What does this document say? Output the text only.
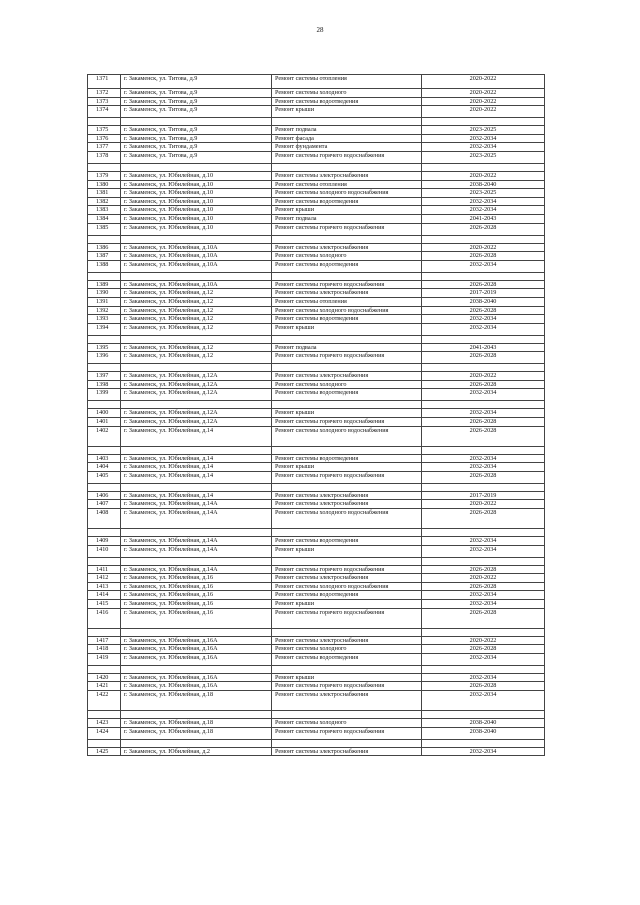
28
1371	г. Закаменск, ул. Титова, д.9	Ремонт системы отопления	2020-2022
1372	г. Закаменск, ул. Титова, д.9	Ремонт системы холодного	2020-2022
1373	г. Закаменск, ул. Титова, д.9	Ремонт системы водоотведения	2020-2022
1374	г. Закаменск, ул. Титова, д.9	Ремонт крыши	2020-2022

1375	г. Закаменск, ул. Титова, д.9	Ремонт подвала	2023-2025
1376	г. Закаменск, ул. Титова, д.9	Ремонт фасада	2032-2034
1377	г. Закаменск, ул. Титова, д.9	Ремонт фундамента	2032-2034
1378	г. Закаменск, ул. Титова, д.9	Ремонт системы горячего водоснабжения	2023-2025

1379	г. Закаменск, ул. Юбилейная, д.10	Ремонт системы электроснабжения	2020-2022
1380	г. Закаменск, ул. Юбилейная, д.10	Ремонт системы отопления	2038-2040
1381	г. Закаменск, ул. Юбилейная, д.10	Ремонт системы холодного водоснабжения	2023-2025
1382	г. Закаменск, ул. Юбилейная, д.10	Ремонт системы водоотведения	2032-2034
1383	г. Закаменск, ул. Юбилейная, д.10	Ремонт крыши	2032-2034
1384	г. Закаменск, ул. Юбилейная, д.10	Ремонт подвала	2041-2043
1385	г. Закаменск, ул. Юбилейная, д.10	Ремонт системы горячего водоснабжения	2026-2028

1386	г. Закаменск, ул. Юбилейная, д.10А	Ремонт системы электроснабжения	2020-2022
1387	г. Закаменск, ул. Юбилейная, д.10А	Ремонт системы холодного	2026-2028
1388	г. Закаменск, ул. Юбилейная, д.10А	Ремонт системы водоотведения	2032-2034

1389	г. Закаменск, ул. Юбилейная, д.10А	Ремонт системы горячего водоснабжения	2026-2028
1390	г. Закаменск, ул. Юбилейная, д.12	Ремонт системы электроснабжения	2017-2019
1391	г. Закаменск, ул. Юбилейная, д.12	Ремонт системы отопления	2038-2040
1392	г. Закаменск, ул. Юбилейная, д.12	Ремонт системы холодного водоснабжения	2026-2028
1393	г. Закаменск, ул. Юбилейная, д.12	Ремонт системы водоотведения	2032-2034
1394	г. Закаменск, ул. Юбилейная, д.12	Ремонт крыши	2032-2034

1395	г. Закаменск, ул. Юбилейная, д.12	Ремонт подвала	2041-2043
1396	г. Закаменск, ул. Юбилейная, д.12	Ремонт системы горячего водоснабжения	2026-2028

1397	г. Закаменск, ул. Юбилейная, д.12А	Ремонт системы электроснабжения	2020-2022
1398	г. Закаменск, ул. Юбилейная, д.12А	Ремонт системы холодного	2026-2028
1399	г. Закаменск, ул. Юбилейная, д.12А	Ремонт системы водоотведения	2032-2034

1400	г. Закаменск, ул. Юбилейная, д.12А	Ремонт крыши	2032-2034
1401	г. Закаменск, ул. Юбилейная, д.12А	Ремонт системы горячего водоснабжения	2026-2028
1402	г. Закаменск, ул. Юбилейная, д.14	Ремонт системы холодного водоснабжения	2026-2028

1403	г. Закаменск, ул. Юбилейная, д.14	Ремонт системы водоотведения	2032-2034
1404	г. Закаменск, ул. Юбилейная, д.14	Ремонт крыши	2032-2034
1405	г. Закаменск, ул. Юбилейная, д.14	Ремонт системы горячего водоснабжения	2026-2028

1406	г. Закаменск, ул. Юбилейная, д.14	Ремонт системы электроснабжения	2017-2019
1407	г. Закаменск, ул. Юбилейная, д.14А	Ремонт системы электроснабжения	2020-2022
1408	г. Закаменск, ул. Юбилейная, д.14А	Ремонт системы холодного водоснабжения	2026-2028

1409	г. Закаменск, ул. Юбилейная, д.14А	Ремонт системы водоотведения	2032-2034
1410	г. Закаменск, ул. Юбилейная, д.14А	Ремонт крыши	2032-2034

1411	г. Закаменск, ул. Юбилейная, д.14А	Ремонт системы горячего водоснабжения	2026-2028
1412	г. Закаменск, ул. Юбилейная, д.16	Ремонт системы электроснабжения	2020-2022
1413	г. Закаменск, ул. Юбилейная, д.16	Ремонт системы холодного водоснабжения	2026-2028
1414	г. Закаменск, ул. Юбилейная, д.16	Ремонт системы водоотведения	2032-2034
1415	г. Закаменск, ул. Юбилейная, д.16	Ремонт крыши	2032-2034
1416	г. Закаменск, ул. Юбилейная, д.16	Ремонт системы горячего водоснабжения	2026-2028

1417	г. Закаменск, ул. Юбилейная, д.16А	Ремонт системы электроснабжения	2020-2022
1418	г. Закаменск, ул. Юбилейная, д.16А	Ремонт системы холодного	2026-2028
1419	г. Закаменск, ул. Юбилейная, д.16А	Ремонт системы водоотведения	2032-2034

1420	г. Закаменск, ул. Юбилейная, д.16А	Ремонт крыши	2032-2034
1421	г. Закаменск, ул. Юбилейная, д.16А	Ремонт системы горячего водоснабжения	2026-2028
1422	г. Закаменск, ул. Юбилейная, д.18	Ремонт системы электроснабжения	2032-2034

1423	г. Закаменск, ул. Юбилейная, д.18	Ремонт системы холодного	2038-2040
1424	г. Закаменск, ул. Юбилейная, д.18	Ремонт системы горячего водоснабжения	2038-2040

1425	г. Закаменск, ул. Юбилейная, д.2	Ремонт системы электроснабжения	2032-2034
